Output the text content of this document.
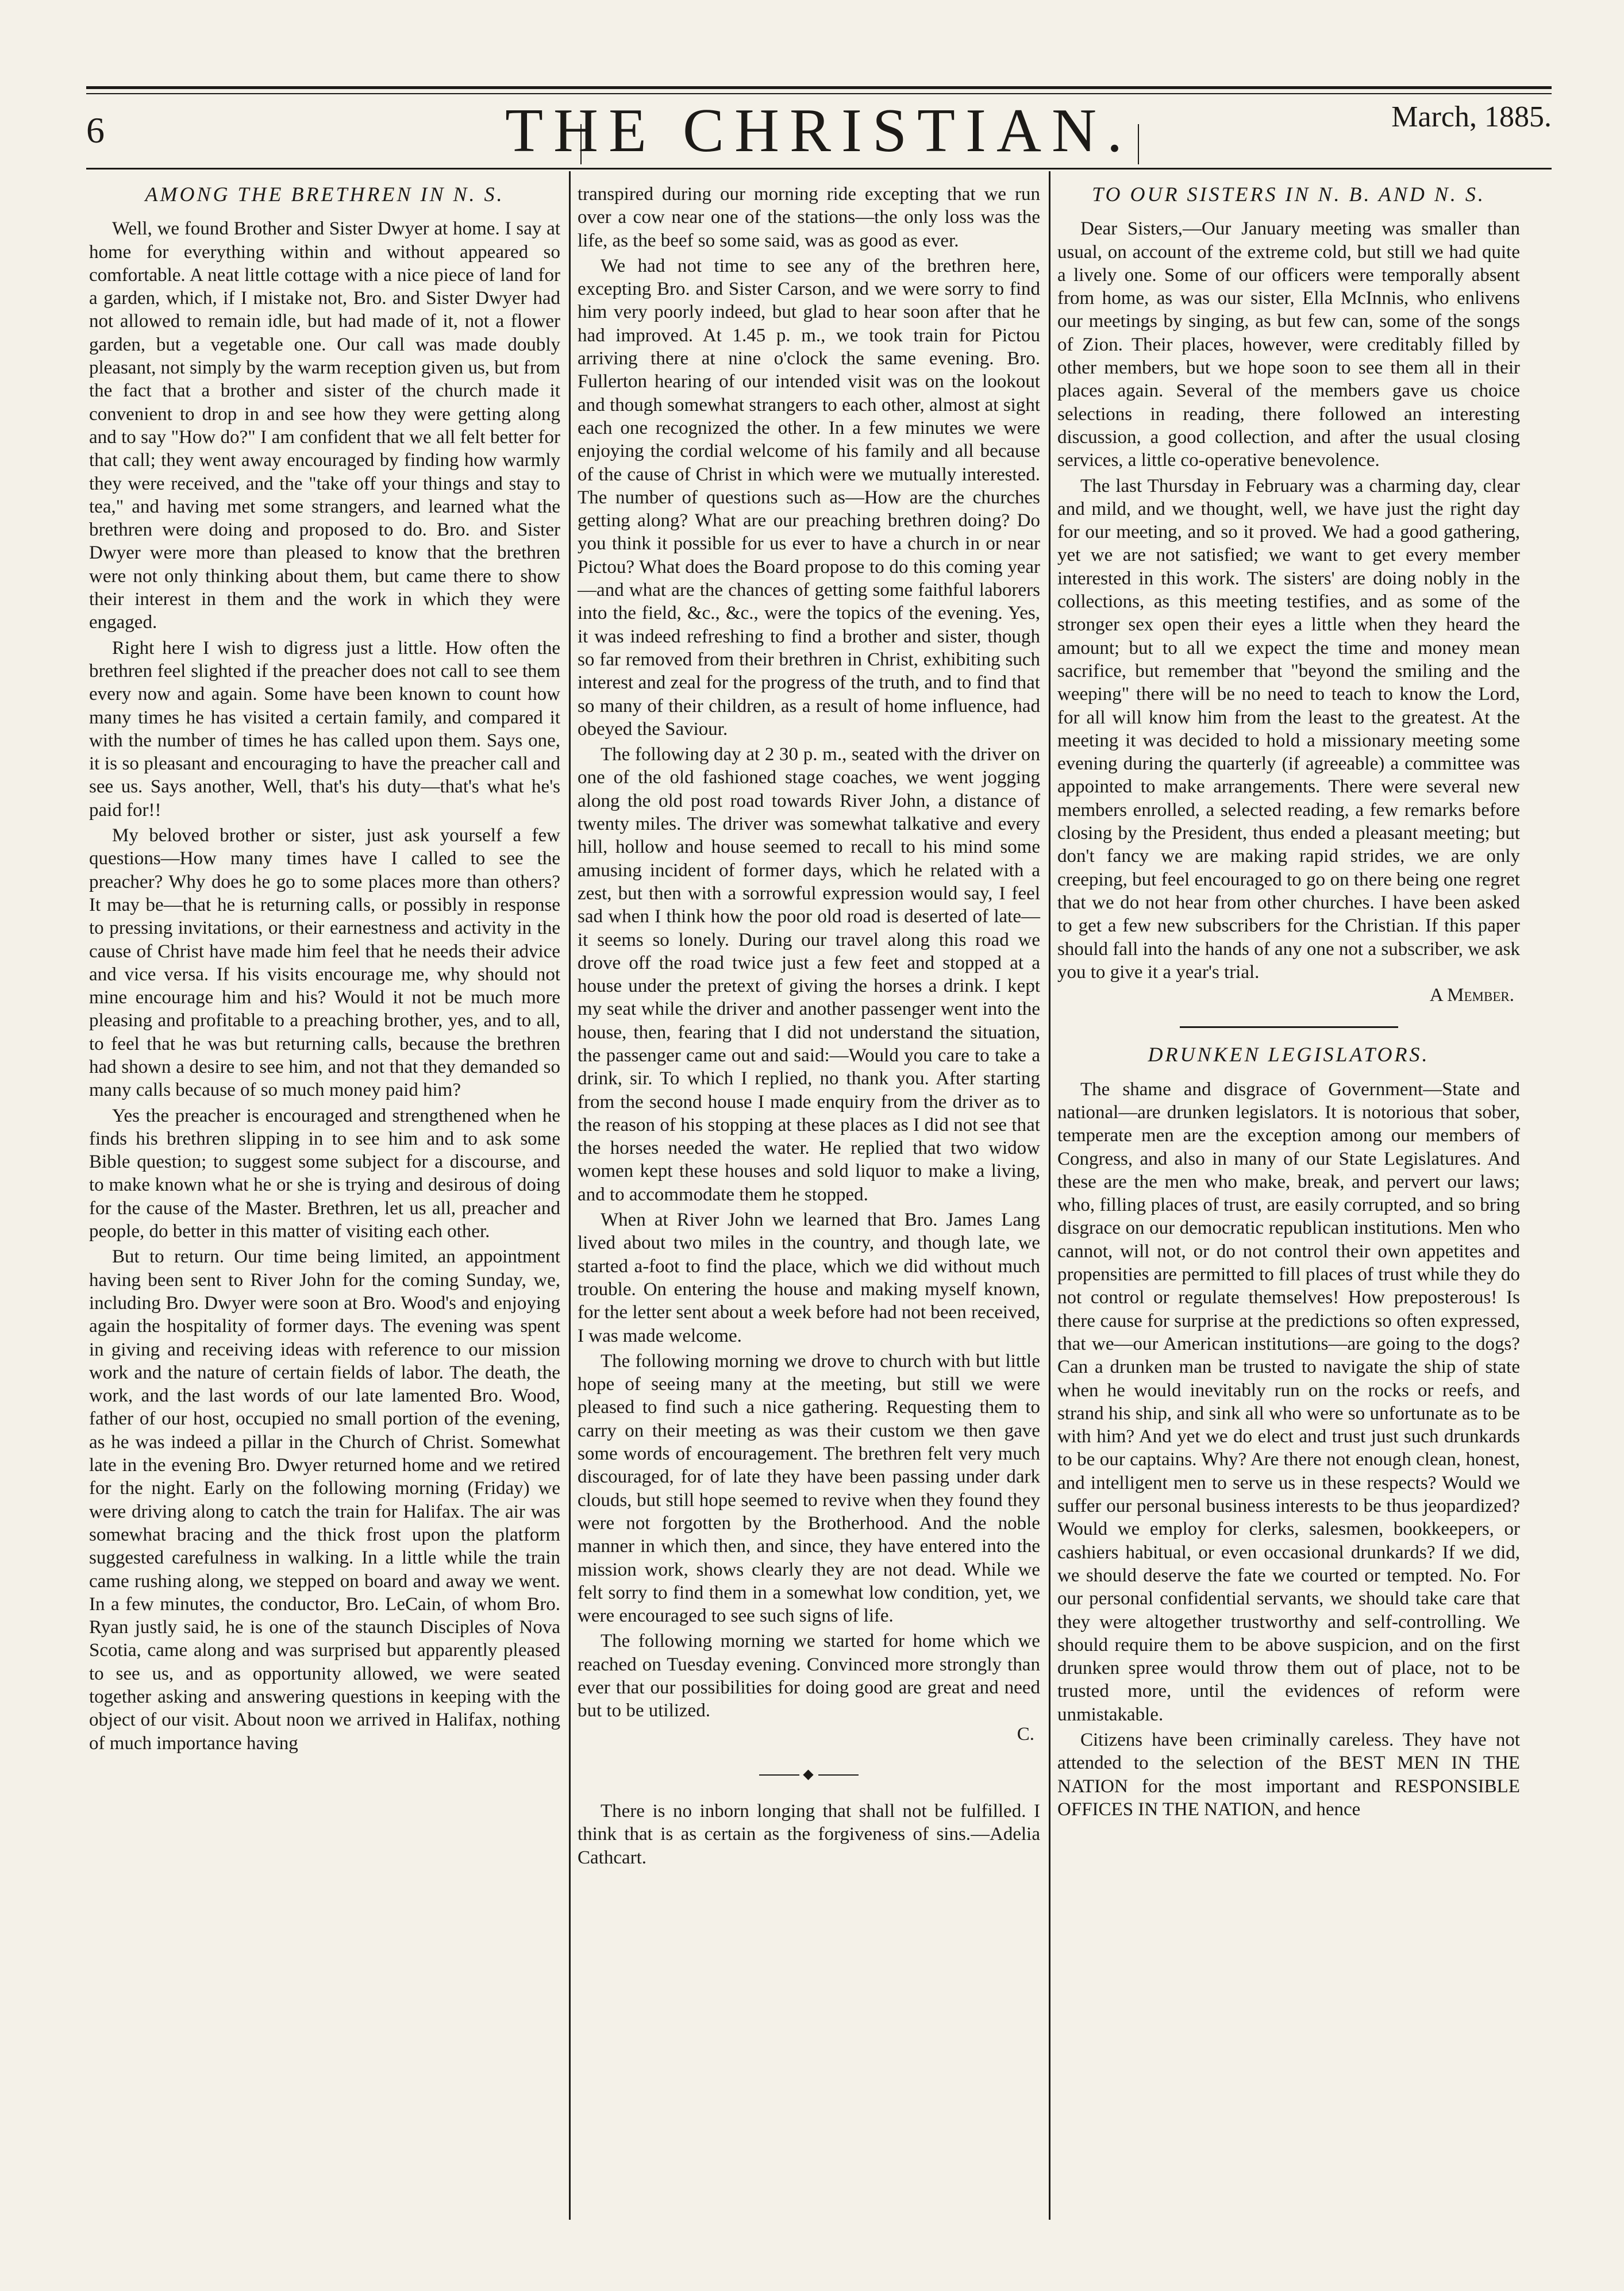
6	THE CHRISTIAN.	March, 1885.
AMONG THE BRETHREN IN N. S.

Well, we found Brother and Sister Dwyer at home. I say at home for everything within and without appeared so comfortable. A neat little cottage with a nice piece of land for a garden, which, if I mistake not, Bro. and Sister Dwyer had not allowed to remain idle, but had made of it, not a flower garden, but a vegetable one. Our call was made doubly pleasant, not simply by the warm reception given us, but from the fact that a brother and sister of the church made it convenient to drop in and see how they were getting along and to say "How do?" I am confident that we all felt better for that call; they went away encouraged by finding how warmly they were received, and the "take off your things and stay to tea," and having met some strangers, and learned what the brethren were doing and proposed to do. Bro. and Sister Dwyer were more than pleased to know that the brethren were not only thinking about them, but came there to show their interest in them and the work in which they were engaged.

Right here I wish to digress just a little. How often the brethren feel slighted if the preacher does not call to see them every now and again. Some have been known to count how many times he has visited a certain family, and compared it with the number of times he has called upon them. Says one, it is so pleasant and encouraging to have the preacher call and see us. Says another, Well, that's his duty—that's what he's paid for!!

My beloved brother or sister, just ask yourself a few questions—How many times have I called to see the preacher? Why does he go to some places more than others? It may be—that he is returning calls, or possibly in response to pressing invitations, or their earnestness and activity in the cause of Christ have made him feel that he needs their advice and vice versa. If his visits encourage me, why should not mine encourage him and his? Would it not be much more pleasing and profitable to a preaching brother, yes, and to all, to feel that he was but returning calls, because the brethren had shown a desire to see him, and not that they demanded so many calls because of so much money paid him?

Yes the preacher is encouraged and strengthened when he finds his brethren slipping in to see him and to ask some Bible question; to suggest some subject for a discourse, and to make known what he or she is trying and desirous of doing for the cause of the Master. Brethren, let us all, preacher and people, do better in this matter of visiting each other.

But to return. Our time being limited, an appointment having been sent to River John for the coming Sunday, we, including Bro. Dwyer were soon at Bro. Wood's and enjoying again the hospitality of former days. The evening was spent in giving and receiving ideas with reference to our mission work and the nature of certain fields of labor. The death, the work, and the last words of our late lamented Bro. Wood, father of our host, occupied no small portion of the evening, as he was indeed a pillar in the Church of Christ. Somewhat late in the evening Bro. Dwyer returned home and we retired for the night. Early on the following morning (Friday) we were driving along to catch the train for Halifax. The air was somewhat bracing and the thick frost upon the platform suggested carefulness in walking. In a little while the train came rushing along, we stepped on board and away we went. In a few minutes, the conductor, Bro. LeCain, of whom Bro. Ryan justly said, he is one of the staunch Disciples of Nova Scotia, came along and was surprised but apparently pleased to see us, and as opportunity allowed, we were seated together asking and answering questions in keeping with the object of our visit. About noon we arrived in Halifax, nothing of much importance having

transpired during our morning ride excepting that we run over a cow near one of the stations—the only loss was the life, as the beef so some said, was as good as ever.

We had not time to see any of the brethren here, excepting Bro. and Sister Carson, and we were sorry to find him very poorly indeed, but glad to hear soon after that he had improved. At 1.45 p. m., we took train for Pictou arriving there at nine o'clock the same evening. Bro. Fullerton hearing of our intended visit was on the lookout and though somewhat strangers to each other, almost at sight each one recognized the other. In a few minutes we were enjoying the cordial welcome of his family and all because of the cause of Christ in which were we mutually interested. The number of questions such as—How are the churches getting along? What are our preaching brethren doing? Do you think it possible for us ever to have a church in or near Pictou? What does the Board propose to do this coming year—and what are the chances of getting some faithful laborers into the field, &c., &c., were the topics of the evening. Yes, it was indeed refreshing to find a brother and sister, though so far removed from their brethren in Christ, exhibiting such interest and zeal for the progress of the truth, and to find that so many of their children, as a result of home influence, had obeyed the Saviour.

The following day at 2 30 p. m., seated with the driver on one of the old fashioned stage coaches, we went jogging along the old post road towards River John, a distance of twenty miles. The driver was somewhat talkative and every hill, hollow and house seemed to recall to his mind some amusing incident of former days, which he related with a zest, but then with a sorrowful expression would say, I feel sad when I think how the poor old road is deserted of late—it seems so lonely. During our travel along this road we drove off the road twice just a few feet and stopped at a house under the pretext of giving the horses a drink. I kept my seat while the driver and another passenger went into the house, then, fearing that I did not understand the situation, the passenger came out and said:—Would you care to take a drink, sir. To which I replied, no thank you. After starting from the second house I made enquiry from the driver as to the reason of his stopping at these places as I did not see that the horses needed the water. He replied that two widow women kept these houses and sold liquor to make a living, and to accommodate them he stopped.

When at River John we learned that Bro. James Lang lived about two miles in the country, and though late, we started a-foot to find the place, which we did without much trouble. On entering the house and making myself known, for the letter sent about a week before had not been received, I was made welcome.

The following morning we drove to church with but little hope of seeing many at the meeting, but still we were pleased to find such a nice gathering. Requesting them to carry on their meeting as was their custom we then gave some words of encouragement. The brethren felt very much discouraged, for of late they have been passing under dark clouds, but still hope seemed to revive when they found they were not forgotten by the Brotherhood. And the noble manner in which then, and since, they have entered into the mission work, shows clearly they are not dead. While we felt sorry to find them in a somewhat low condition, yet, we were encouraged to see such signs of life.

The following morning we started for home which we reached on Tuesday evening. Convinced more strongly than ever that our possibilities for doing good are great and need but to be utilized.

C.
◆

There is no inborn longing that shall not be fulfilled. I think that is as certain as the forgiveness of sins.—Adelia Cathcart.

TO OUR SISTERS IN N. B. AND N. S.

Dear Sisters,—Our January meeting was smaller than usual, on account of the extreme cold, but still we had quite a lively one. Some of our officers were temporally absent from home, as was our sister, Ella McInnis, who enlivens our meetings by singing, as but few can, some of the songs of Zion. Their places, however, were creditably filled by other members, but we hope soon to see them all in their places again. Several of the members gave us choice selections in reading, there followed an interesting discussion, a good collection, and after the usual closing services, a little co-operative benevolence.

The last Thursday in February was a charming day, clear and mild, and we thought, well, we have just the right day for our meeting, and so it proved. We had a good gathering, yet we are not satisfied; we want to get every member interested in this work. The sisters' are doing nobly in the collections, as this meeting testifies, and as some of the stronger sex open their eyes a little when they heard the amount; but to all we expect the time and money mean sacrifice, but remember that "beyond the smiling and the weeping" there will be no need to teach to know the Lord, for all will know him from the least to the greatest. At the meeting it was decided to hold a missionary meeting some evening during the quarterly (if agreeable) a committee was appointed to make arrangements. There were several new members enrolled, a selected reading, a few remarks before closing by the President, thus ended a pleasant meeting; but don't fancy we are making rapid strides, we are only creeping, but feel encouraged to go on there being one regret that we do not hear from other churches. I have been asked to get a few new subscribers for the Christian. If this paper should fall into the hands of any one not a subscriber, we ask you to give it a year's trial.

A Member.
DRUNKEN LEGISLATORS.

The shame and disgrace of Government—State and national—are drunken legislators. It is notorious that sober, temperate men are the exception among our members of Congress, and also in many of our State Legislatures. And these are the men who make, break, and pervert our laws; who, filling places of trust, are easily corrupted, and so bring disgrace on our democratic republican institutions. Men who cannot, will not, or do not control their own appetites and propensities are permitted to fill places of trust while they do not control or regulate themselves! How preposterous! Is there cause for surprise at the predictions so often expressed, that we—our American institutions—are going to the dogs? Can a drunken man be trusted to navigate the ship of state when he would inevitably run on the rocks or reefs, and strand his ship, and sink all who were so unfortunate as to be with him? And yet we do elect and trust just such drunkards to be our captains. Why? Are there not enough clean, honest, and intelligent men to serve us in these respects? Would we suffer our personal business interests to be thus jeopardized? Would we employ for clerks, salesmen, bookkeepers, or cashiers habitual, or even occasional drunkards? If we did, we should deserve the fate we courted or tempted. No. For our personal confidential servants, we should take care that they were altogether trustworthy and self-controlling. We should require them to be above suspicion, and on the first drunken spree would throw them out of place, not to be trusted more, until the evidences of reform were unmistakable.

Citizens have been criminally careless. They have not attended to the selection of the BEST MEN IN THE NATION for the most important and RESPONSIBLE OFFICES IN THE NATION, and hence
